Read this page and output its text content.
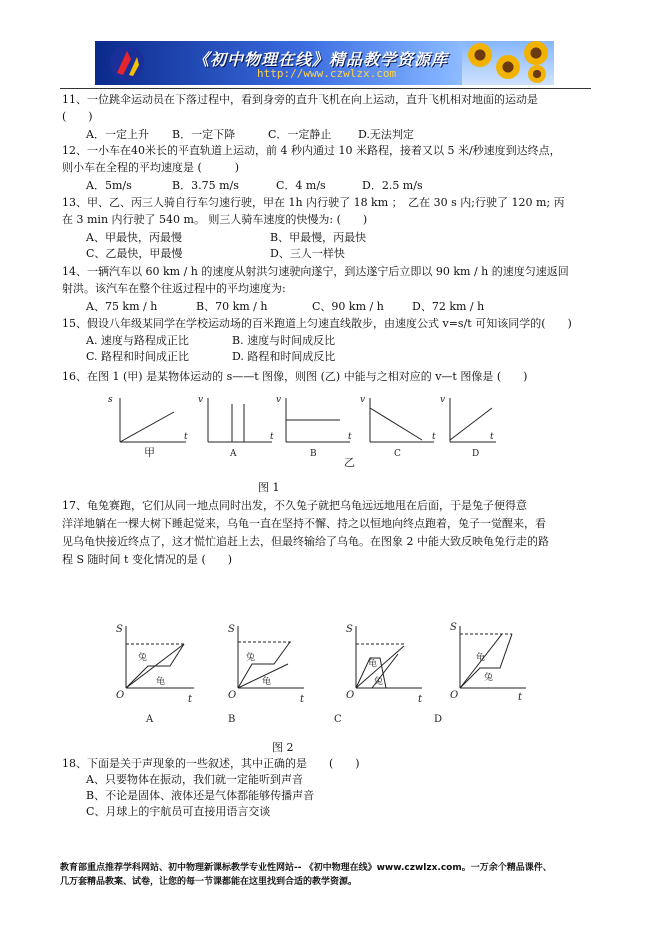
《初中物理在线》精品教学资源库
http://www.czwlzx.com
11、一位跳伞运动员在下落过程中，看到身旁的直升飞机在向上运动，直升飞机相对地面的运动是
(　　)
A．一定上升 B．一定下降	C．一定静止 D.无法判定
12、一小车在40米长的平直轨道上运动，前 4 秒内通过 10 米路程，接着又以 5 米/秒速度到达终点，
则小车在全程的平均速度是 (　　　)
A．5m/s	B．3.75 m/s	C．4 m/s	D．2.5 m/s
13、甲、乙、丙三人骑自行车匀速行驶，甲在 1h 内行驶了 18 km ；　乙在 30 s 内;行驶了 120 m; 丙
在 3 min 内行驶了 540 m。 则三人骑车速度的快慢为: (　　)
A、甲最快，丙最慢	B、甲最慢，丙最快
C、乙最快，甲最慢	D、三人一样快
14、一辆汽车以 60 km / h 的速度从射洪匀速驶向遂宁，到达遂宁后立即以 90 km / h 的速度匀速返回
射洪。该汽车在整个往返过程中的平均速度为:
A、75 km / h	B、70 km / h	C、90 km / h	D、72 km / h
15、假设八年级某同学在学校运动场的百米跑道上匀速直线散步，由速度公式 v=s/t 可知该同学的(　　)
A. 速度与路程成正比	B. 速度与时间成反比
C. 路程和时间成正比	D. 路程和时间成反比
16、在图 1 (甲) 是某物体运动的 s——t 图像，则图 (乙) 中能与之相对应的 v—t 图像是 (　　)
s
t
甲
v
t
A
v
t
B
乙
v
t
C
v
t
D
图 1
17、龟兔赛跑，它们从同一地点同时出发，不久兔子就把乌龟远远地甩在后面，于是兔子便得意
洋洋地躺在一棵大树下睡起觉来，乌龟一直在坚持不懈、持之以恒地向终点跑着，兔子一觉醒来，看
见乌龟快接近终点了，这才慌忙追赶上去，但最终输给了乌龟。在图象 2 中能大致反映龟兔行走的路
程 S 随时间 t 变化情况的是 (　　)
S
t
O
兔
龟
A
S
t
O
兔
龟
B
S
t
O
龟
兔
C
S
t
O
龟
兔
D
图 2
18、下面是关于声现象的一些叙述，其中正确的是　　(　　)
A、只要物体在振动，我们就一定能听到声音
B、不论是固体、液体还是气体都能够传播声音
C、月球上的宇航员可直接用语言交谈
教育部重点推荐学科网站、初中物理新课标教学专业性网站-- 《初中物理在线》www.czwlzx.com。一万余个精品课件、
几万套精品教案、试卷，让您的每一节课都能在这里找到合适的教学资源。
